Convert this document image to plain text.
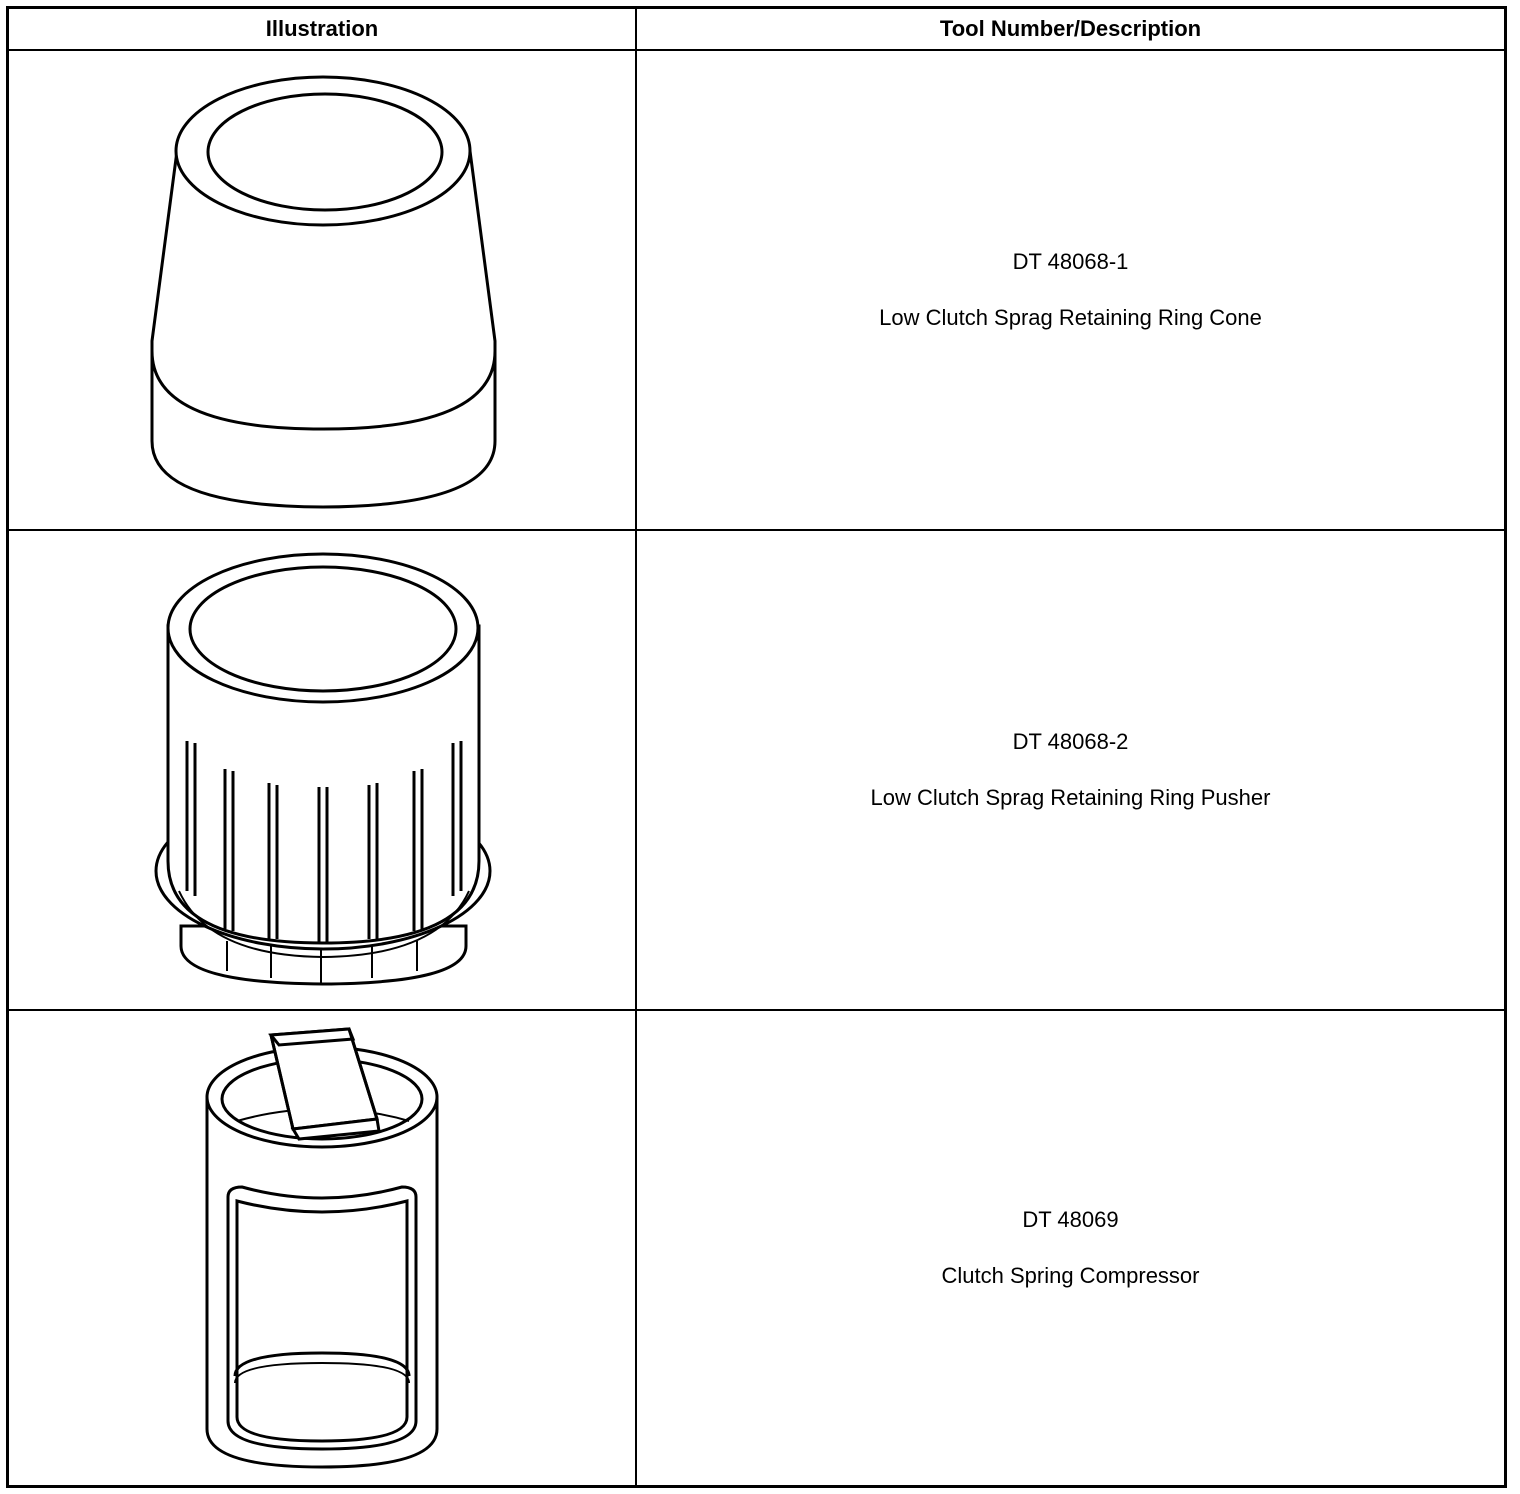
Illustration	Tool Number/Description
DT 48068-1
Low Clutch Sprag Retaining Ring Cone
DT 48068-2
Low Clutch Sprag Retaining Ring Pusher
DT 48069
Clutch Spring Compressor
